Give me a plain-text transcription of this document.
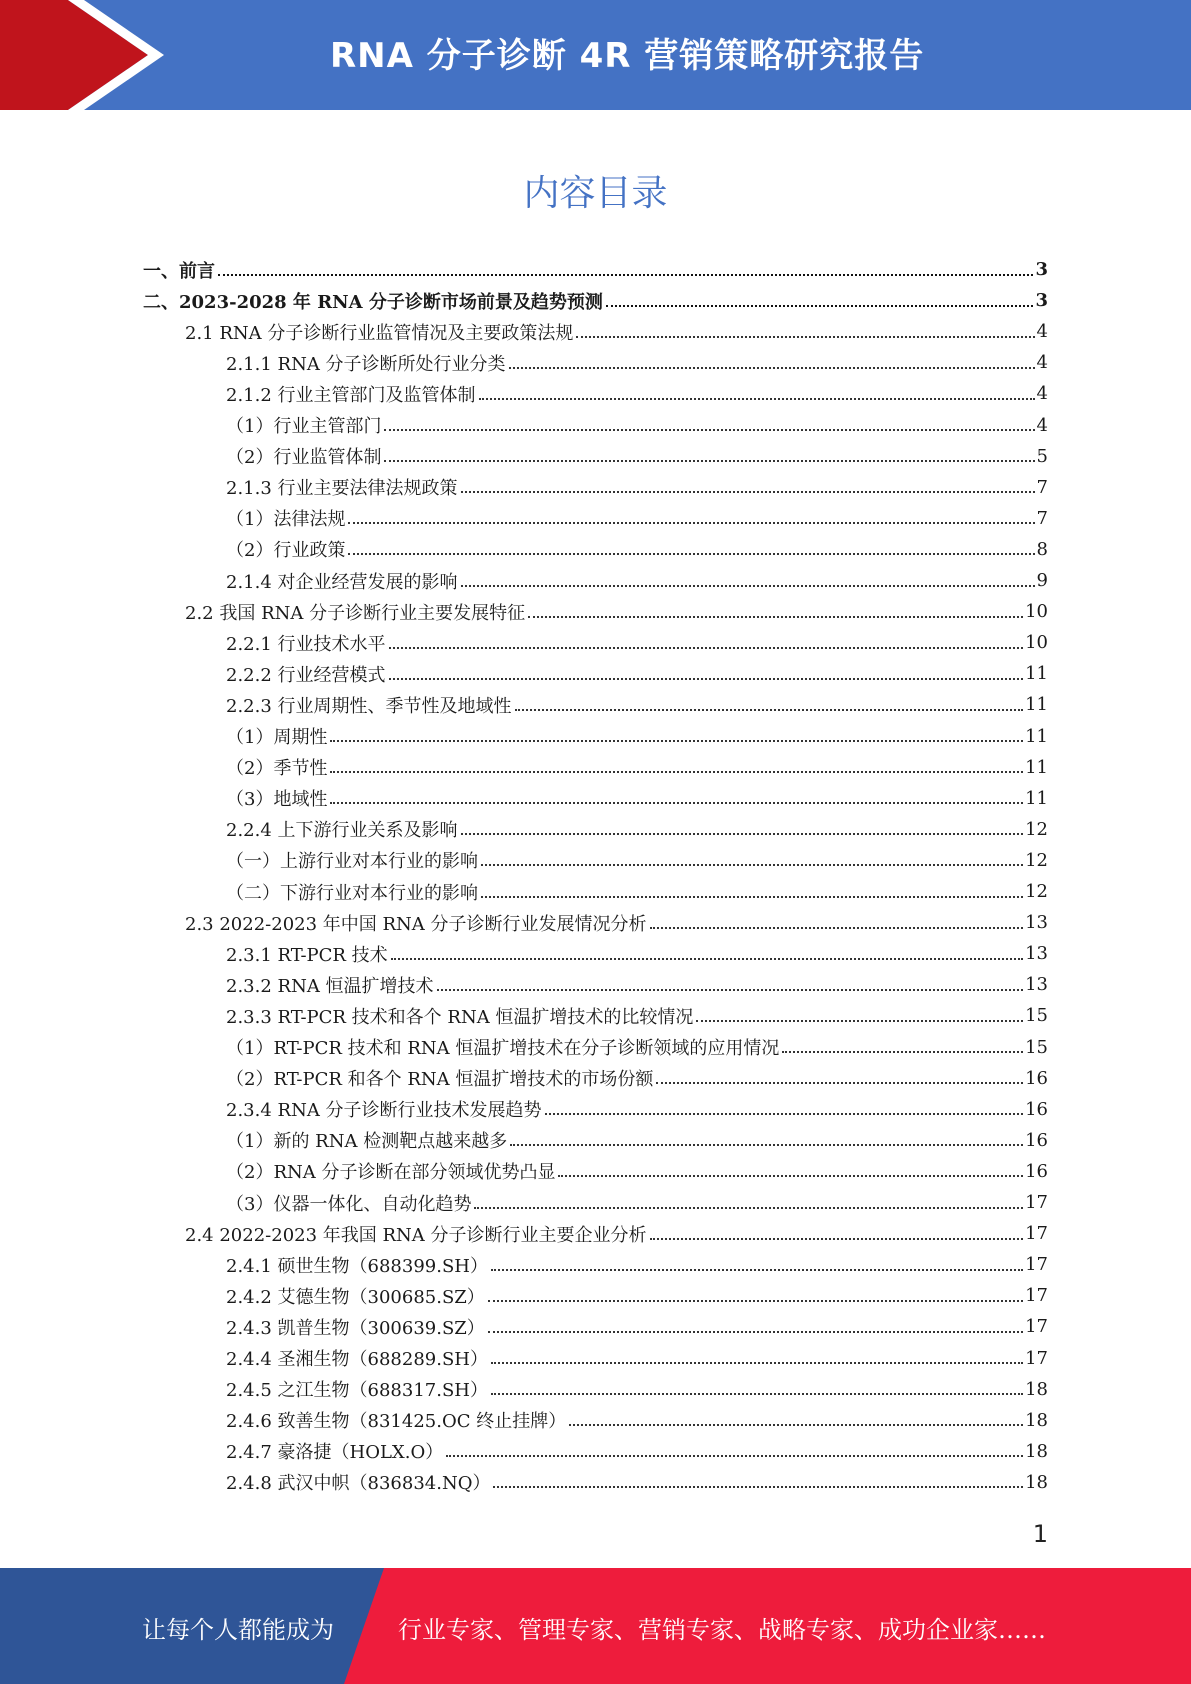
RNA 分子诊断 4R 营销策略研究报告
内容目录
一、前言	3
二、2023-2028 年 RNA 分子诊断市场前景及趋势预测	3
2.1 RNA 分子诊断行业监管情况及主要政策法规	4
2.1.1 RNA 分子诊断所处行业分类	4
2.1.2 行业主管部门及监管体制	4
（1）行业主管部门	4
（2）行业监管体制	5
2.1.3 行业主要法律法规政策	7
（1）法律法规	7
（2）行业政策	8
2.1.4 对企业经营发展的影响	9
2.2 我国 RNA 分子诊断行业主要发展特征	10
2.2.1 行业技术水平	10
2.2.2 行业经营模式	11
2.2.3 行业周期性、季节性及地域性	11
（1）周期性	11
（2）季节性	11
（3）地域性	11
2.2.4 上下游行业关系及影响	12
（一）上游行业对本行业的影响	12
（二）下游行业对本行业的影响	12
2.3 2022-2023 年中国 RNA 分子诊断行业发展情况分析	13
2.3.1 RT-PCR 技术	13
2.3.2 RNA 恒温扩增技术	13
2.3.3 RT-PCR 技术和各个 RNA 恒温扩增技术的比较情况	15
（1）RT-PCR 技术和 RNA 恒温扩增技术在分子诊断领域的应用情况	15
（2）RT-PCR 和各个 RNA 恒温扩增技术的市场份额	16
2.3.4 RNA 分子诊断行业技术发展趋势	16
（1）新的 RNA 检测靶点越来越多	16
（2）RNA 分子诊断在部分领域优势凸显	16
（3）仪器一体化、自动化趋势	17
2.4 2022-2023 年我国 RNA 分子诊断行业主要企业分析	17
2.4.1 硕世生物（688399.SH）	17
2.4.2 艾德生物（300685.SZ）	17
2.4.3 凯普生物（300639.SZ）	17
2.4.4 圣湘生物（688289.SH）	17
2.4.5 之江生物（688317.SH）	18
2.4.6 致善生物（831425.OC 终止挂牌）	18
2.4.7 豪洛捷（HOLX.O）	18
2.4.8 武汉中帜（836834.NQ）	18
1
让每个人都能成为	行业专家、管理专家、营销专家、战略专家、成功企业家……
